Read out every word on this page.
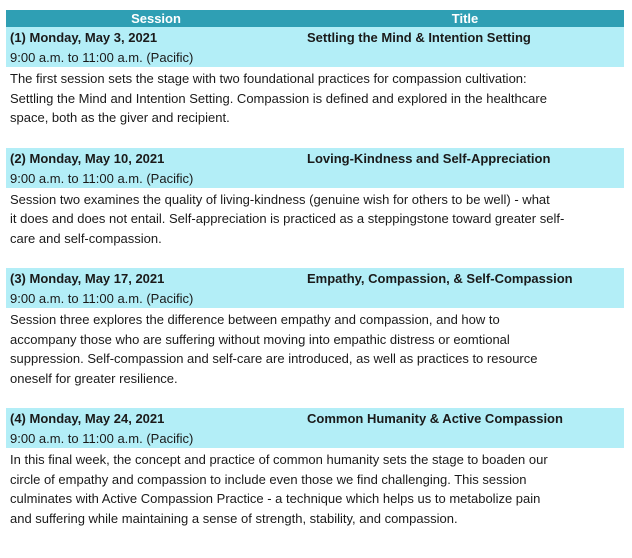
Session	Title
(1) Monday, May 3, 2021	Settling the Mind & Intention Setting
9:00 a.m. to 11:00 a.m. (Pacific)
The first session sets the stage with two foundational practices for compassion cultivation:
Settling the Mind and Intention Setting. Compassion is defined and explored in the healthcare
space, both as the giver and recipient.
(2) Monday, May 10, 2021	Loving-Kindness and Self-Appreciation
9:00 a.m. to 11:00 a.m. (Pacific)
Session two examines the quality of living-kindness (genuine wish for others to be well) - what
it does and does not entail. Self-appreciation is practiced as a steppingstone toward greater self-
care and self-compassion.
(3) Monday, May 17, 2021	Empathy, Compassion, & Self-Compassion
9:00 a.m. to 11:00 a.m. (Pacific)
Session three explores the difference between empathy and compassion, and how to
accompany those who are suffering without moving into empathic distress or eomtional
suppression. Self-compassion and self-care are introduced, as well as practices to resource
oneself for greater resilience.
(4) Monday, May 24, 2021	Common Humanity & Active Compassion
9:00 a.m. to 11:00 a.m. (Pacific)
In this final week, the concept and practice of common humanity sets the stage to boaden our
circle of empathy and compassion to include even those we find challenging. This session
culminates with Active Compassion Practice - a technique which helps us to metabolize pain
and suffering while maintaining a sense of strength, stability, and compassion.
